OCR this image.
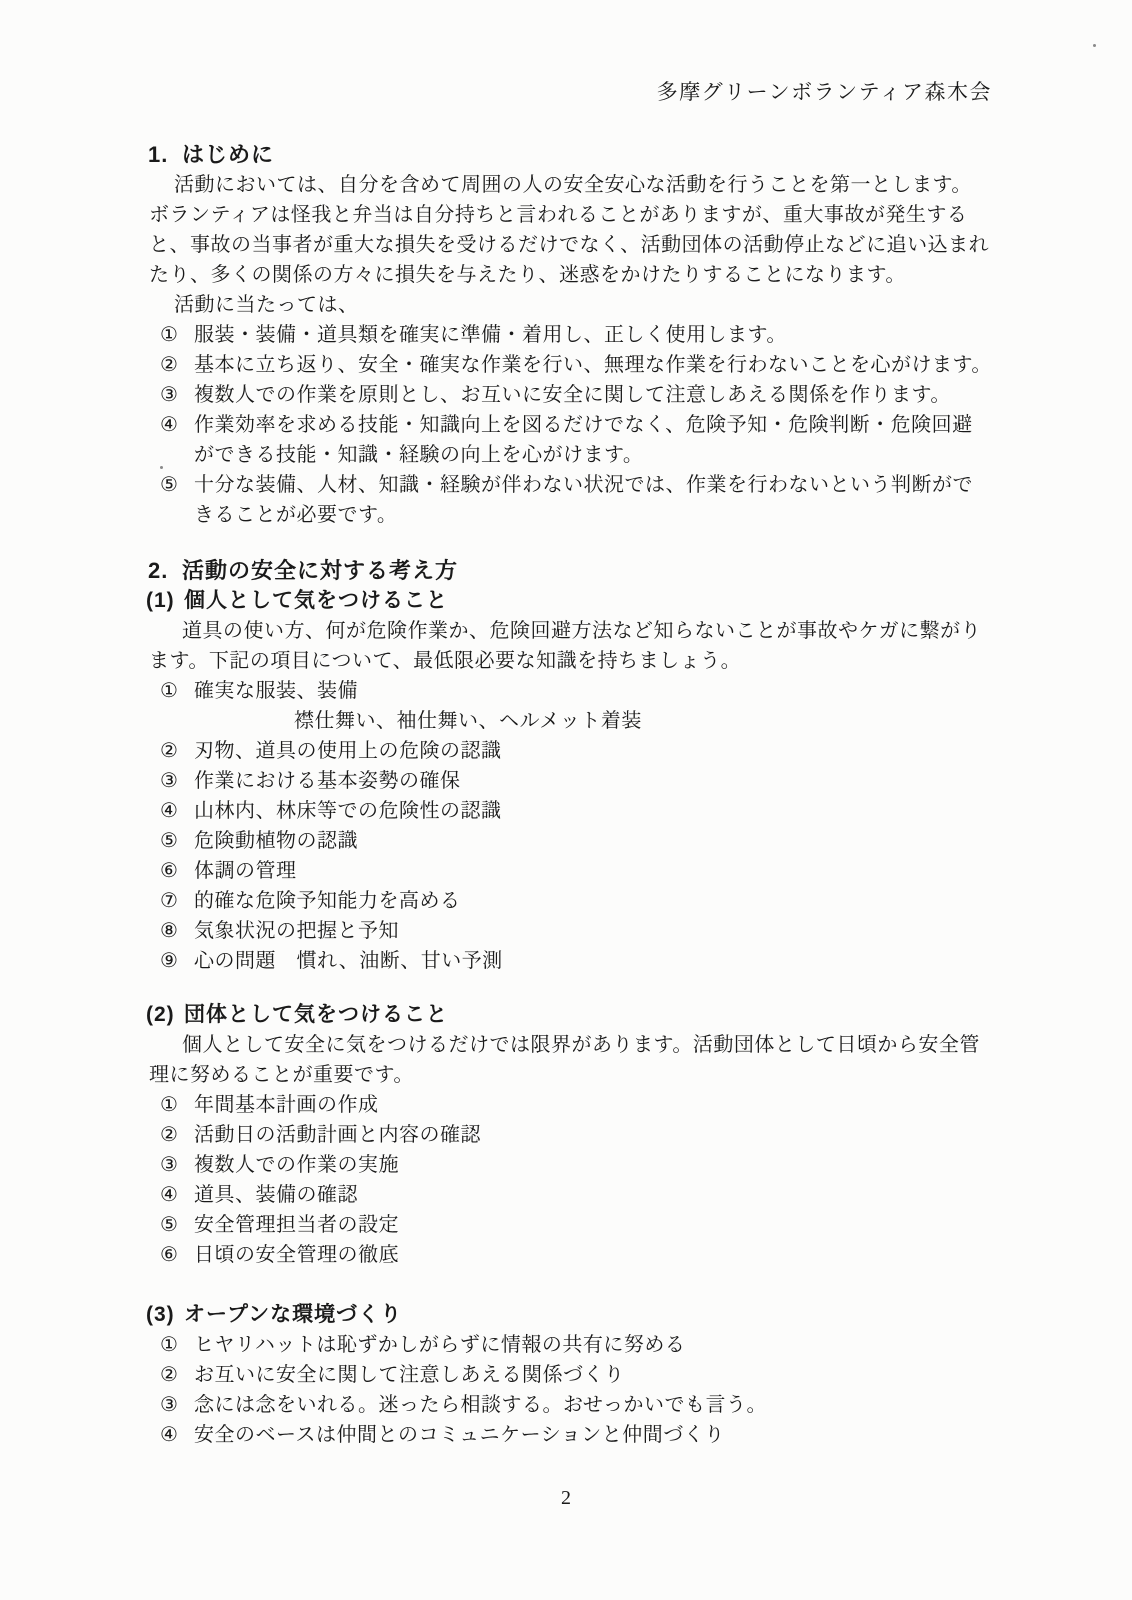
多摩グリーンボランティア森木会
1. はじめに

活動においては、自分を含めて周囲の人の安全安心な活動を行うことを第一とします。ボランティアは怪我と弁当は自分持ちと言われることがありますが、重大事故が発生すると、事故の当事者が重大な損失を受けるだけでなく、活動団体の活動停止などに追い込まれたり、多くの関係の方々に損失を与えたり、迷惑をかけたりすることになります。

活動に当たっては、

① 服装・装備・道具類を確実に準備・着用し、正しく使用します。
② 基本に立ち返り、安全・確実な作業を行い、無理な作業を行わないことを心がけます。
③ 複数人での作業を原則とし、お互いに安全に関して注意しあえる関係を作ります。
④ 作業効率を求める技能・知識向上を図るだけでなく、危険予知・危険判断・危険回避ができる技能・知識・経験の向上を心がけます。
⑤ 十分な装備、人材、知識・経験が伴わない状況では、作業を行わないという判断ができることが必要です。
2. 活動の安全に対する考え方
(1) 個人として気をつけること

道具の使い方、何が危険作業か、危険回避方法など知らないことが事故やケガに繋がります。下記の項目について、最低限必要な知識を持ちましょう。

① 確実な服装、装備
襟仕舞い、袖仕舞い、ヘルメット着装
② 刃物、道具の使用上の危険の認識
③ 作業における基本姿勢の確保
④ 山林内、林床等での危険性の認識
⑤ 危険動植物の認識
⑥ 体調の管理
⑦ 的確な危険予知能力を高める
⑧ 気象状況の把握と予知
⑨ 心の問題　慣れ、油断、甘い予測
(2) 団体として気をつけること

個人として安全に気をつけるだけでは限界があります。活動団体として日頃から安全管理に努めることが重要です。

① 年間基本計画の作成
② 活動日の活動計画と内容の確認
③ 複数人での作業の実施
④ 道具、装備の確認
⑤ 安全管理担当者の設定
⑥ 日頃の安全管理の徹底
(3) オープンな環境づくり
① ヒヤリハットは恥ずかしがらずに情報の共有に努める
② お互いに安全に関して注意しあえる関係づくり
③ 念には念をいれる。迷ったら相談する。おせっかいでも言う。
④ 安全のベースは仲間とのコミュニケーションと仲間づくり
2
